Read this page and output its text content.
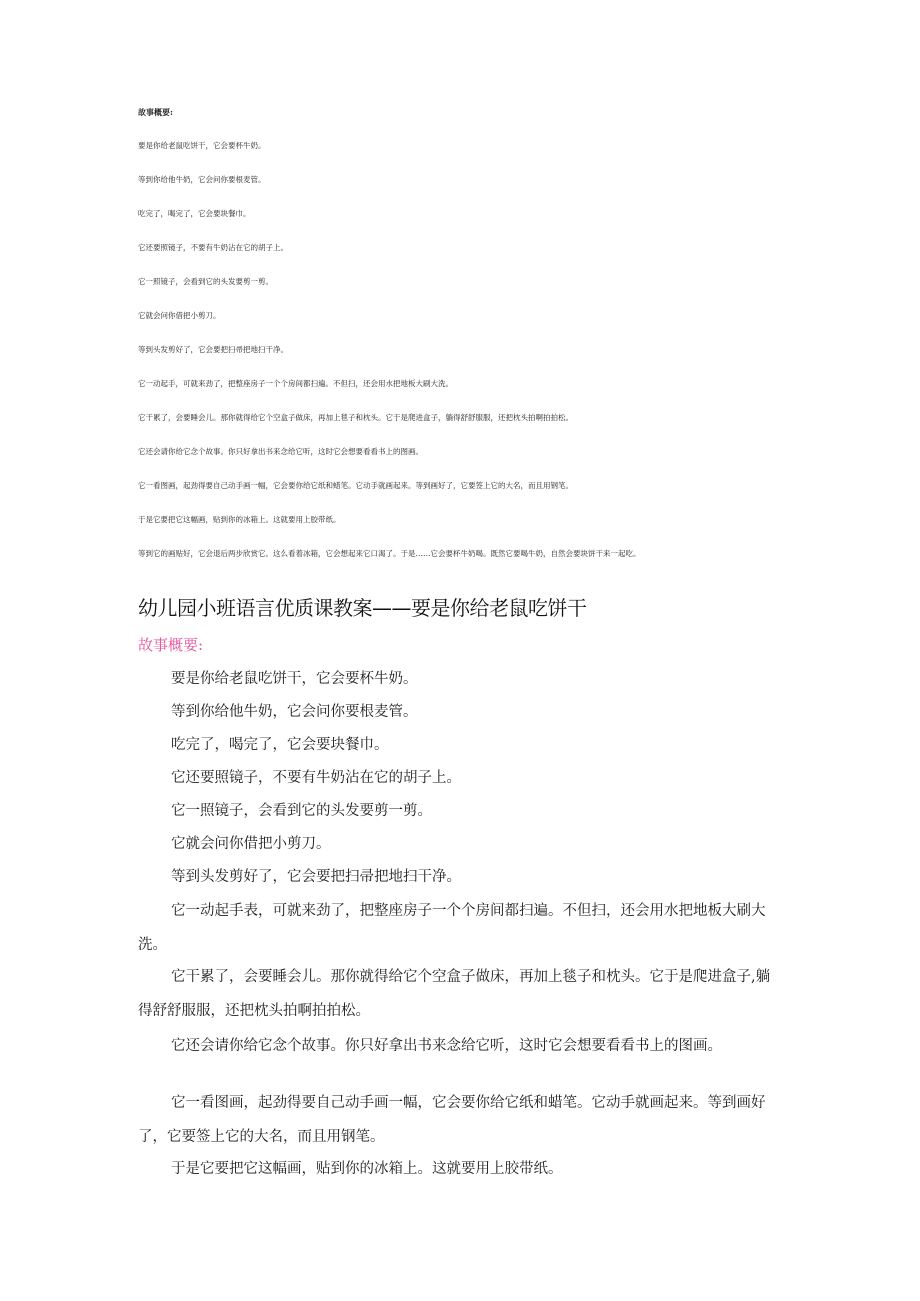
故事概要:
要是你给老鼠吃饼干，它会要杯牛奶。
等到你给他牛奶，它会问你要根麦管。
吃完了，喝完了，它会要块餐巾。
它还要照镜子，不要有牛奶沾在它的胡子上。
它一照镜子，会看到它的头发要剪一剪。
它就会问你借把小剪刀。
等到头发剪好了，它会要把扫帚把地扫干净。
它一动起手，可就来劲了，把整座房子一个个房间都扫遍。不但扫，还会用水把地板大刷大洗。
它干累了，会要睡会儿。那你就得给它个空盒子做床，再加上毯子和枕头。它于是爬进盒子，躺得舒舒服服，还把枕头拍啊拍拍松。
它还会请你给它念个故事。你只好拿出书来念给它听，这时它会想要看看书上的图画。
它一看图画，起劲得要自己动手画一幅，它会要你给它纸和蜡笔。它动手就画起来。等到画好了，它要签上它的大名，而且用钢笔。
于是它要把它这幅画，贴到你的冰箱上。这就要用上胶带纸。
等到它的画贴好，它会退后两步欣赏它。这么看着冰箱，它会想起来它口渴了。于是……它会要杯牛奶喝。既然它要喝牛奶，自然会要块饼干来一起吃。
幼儿园小班语言优质课教案——要是你给老鼠吃饼干
故事概要:

要是你给老鼠吃饼干，它会要杯牛奶。

等到你给他牛奶，它会问你要根麦管。

吃完了，喝完了，它会要块餐巾。

它还要照镜子，不要有牛奶沾在它的胡子上。

它一照镜子，会看到它的头发要剪一剪。

它就会问你借把小剪刀。

等到头发剪好了，它会要把扫帚把地扫干净。

它一动起手表，可就来劲了，把整座房子一个个房间都扫遍。不但扫，还会用水把地板大刷大洗。

它干累了，会要睡会儿。那你就得给它个空盒子做床，再加上毯子和枕头。它于是爬进盒子,躺得舒舒服服，还把枕头拍啊拍拍松。

它还会请你给它念个故事。你只好拿出书来念给它听，这时它会想要看看书上的图画。

它一看图画，起劲得要自己动手画一幅，它会要你给它纸和蜡笔。它动手就画起来。等到画好了，它要签上它的大名，而且用钢笔。

于是它要把它这幅画，贴到你的冰箱上。这就要用上胶带纸。
